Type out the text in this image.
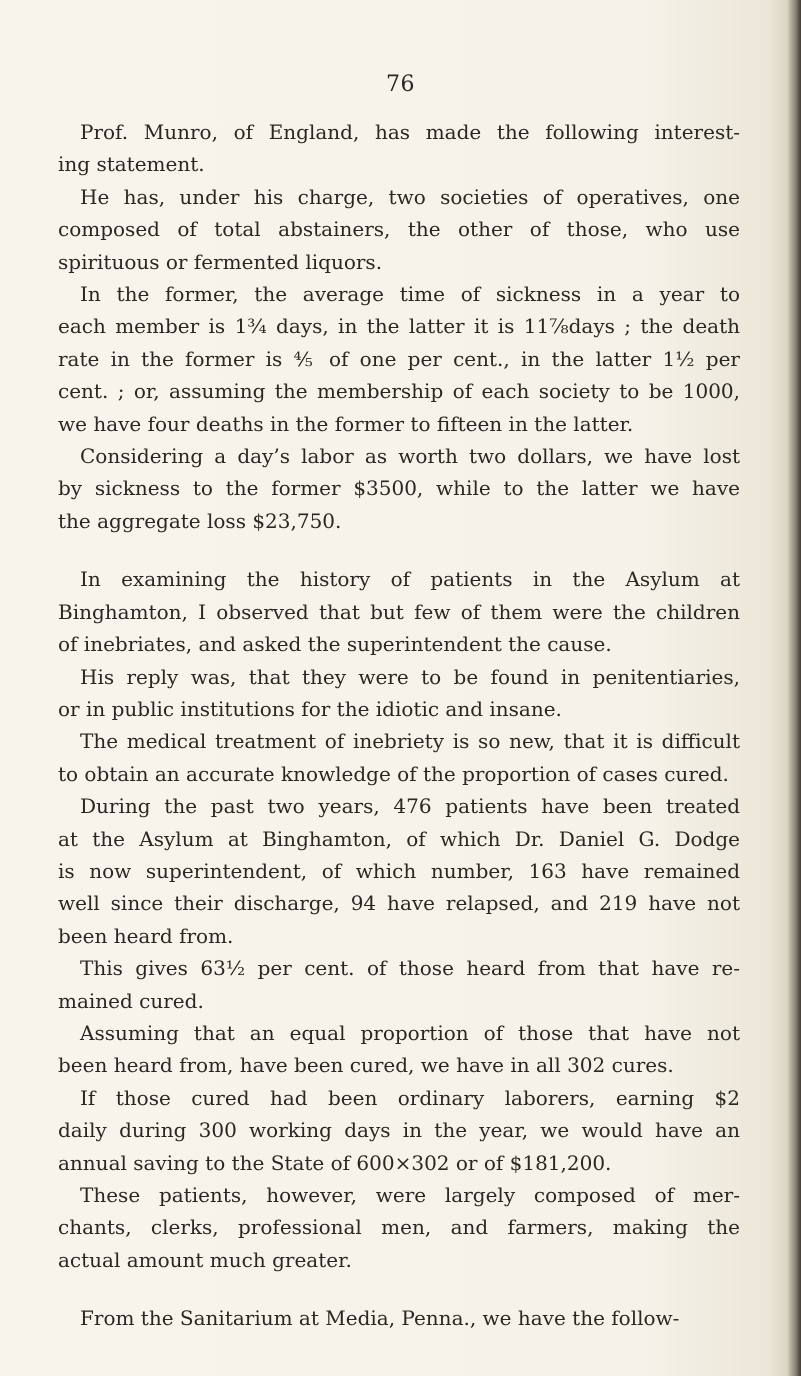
76
Prof. Munro, of England, has made the following interest-
ing statement.
He has, under his charge, two societies of operatives, one
composed of total abstainers, the other of those, who use
spirituous or fermented liquors.
In the former, the average time of sickness in a year to
each member is 1¾ days, in the latter it is 11⅞days ; the death
rate in the former is ⅘ of one per cent., in the latter 1½ per
cent. ; or, assuming the membership of each society to be 1000,
we have four deaths in the former to fifteen in the latter.
Considering a day’s labor as worth two dollars, we have lost
by sickness to the former $3500, while to the latter we have
the aggregate loss $23,750.
In examining the history of patients in the Asylum at
Binghamton, I observed that but few of them were the children
of inebriates, and asked the superintendent the cause.
His reply was, that they were to be found in penitentiaries,
or in public institutions for the idiotic and insane.
The medical treatment of inebriety is so new, that it is difficult
to obtain an accurate knowledge of the proportion of cases cured.
During the past two years, 476 patients have been treated
at the Asylum at Binghamton, of which Dr. Daniel G. Dodge
is now superintendent, of which number, 163 have remained
well since their discharge, 94 have relapsed, and 219 have not
been heard from.
This gives 63½ per cent. of those heard from that have re-
mained cured.
Assuming that an equal proportion of those that have not
been heard from, have been cured, we have in all 302 cures.
If those cured had been ordinary laborers, earning $2
daily during 300 working days in the year, we would have an
annual saving to the State of 600×302 or of $181,200.
These patients, however, were largely composed of mer-
chants, clerks, professional men, and farmers, making the
actual amount much greater.
From the Sanitarium at Media, Penna., we have the follow-
